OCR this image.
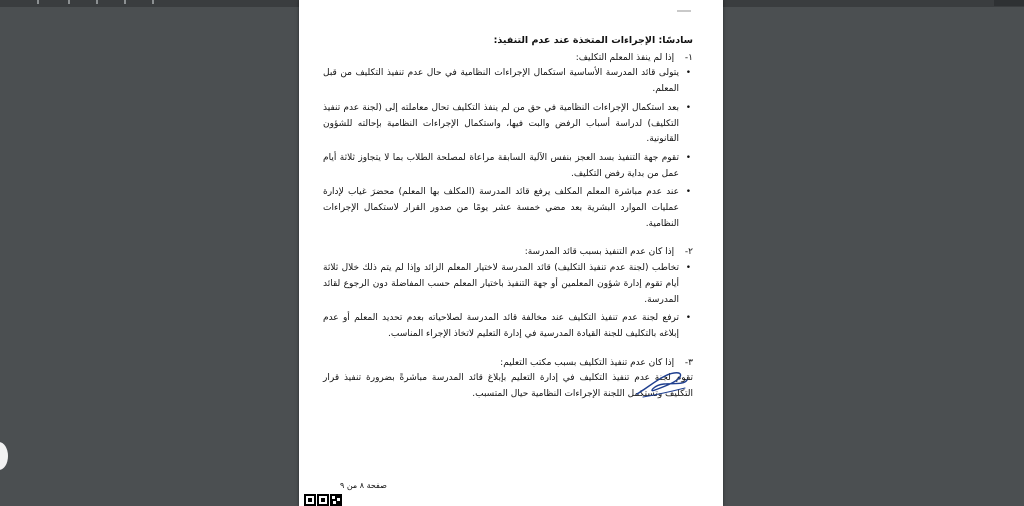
سادسًا: الإجراءات المتخذة عند عدم التنفيذ:

١- إذا لم ينفذ المعلم التكليف:

•
يتولى قائد المدرسة الأساسية استكمال الإجراءات النظامية في حال عدم تنفيذ التكليف من قبل المعلم.

•
بعد استكمال الإجراءات النظامية في حق من لم ينفذ التكليف تحال معاملته إلى (لجنة عدم تنفيذ التكليف) لدراسة أسباب الرفض والبت فيها، واستكمال الإجراءات النظامية بإحالته للشؤون القانونية.

•
تقوم جهة التنفيذ بسد العجز بنفس الآلية السابقة مراعاة لمصلحة الطلاب بما لا يتجاوز ثلاثة أيام عمل من بداية رفض التكليف.

•
عند عدم مباشرة المعلم المكلف يرفع قائد المدرسة (المكلف بها المعلم) محضرَ غياب لإدارة عمليات الموارد البشرية بعد مضي خمسة عشر يومًا من صدور القرار لاستكمال الإجراءات النظامية.

٢- إذا كان عدم التنفيذ بسبب قائد المدرسة:

•
تخاطب (لجنة عدم تنفيذ التكليف) قائد المدرسة لاختيار المعلم الزائد وإذا لم يتم ذلك خلال ثلاثة أيام تقوم إدارة شؤون المعلمين أو جهة التنفيذ باختيار المعلم حسب المفاضلة دون الرجوع لقائد المدرسة.

•
ترفع لجنة عدم تنفيذ التكليف عند مخالفة قائد المدرسة لصلاحياته بعدم تحديد المعلم أو عدم إبلاغه بالتكليف للجنة القيادة المدرسية في إدارة التعليم لاتخاذ الإجراء المناسب.

٣- إذا كان عدم تنفيذ التكليف بسبب مكتب التعليم:

تقوم لجنة عدم تنفيذ التكليف في إدارة التعليم بإبلاغ قائد المدرسة مباشرةً بضرورة تنفيذ قرار التكليف وتستكمل اللجنة الإجراءات النظامية حيال المتسبب.

صفحة ٨ من ٩
